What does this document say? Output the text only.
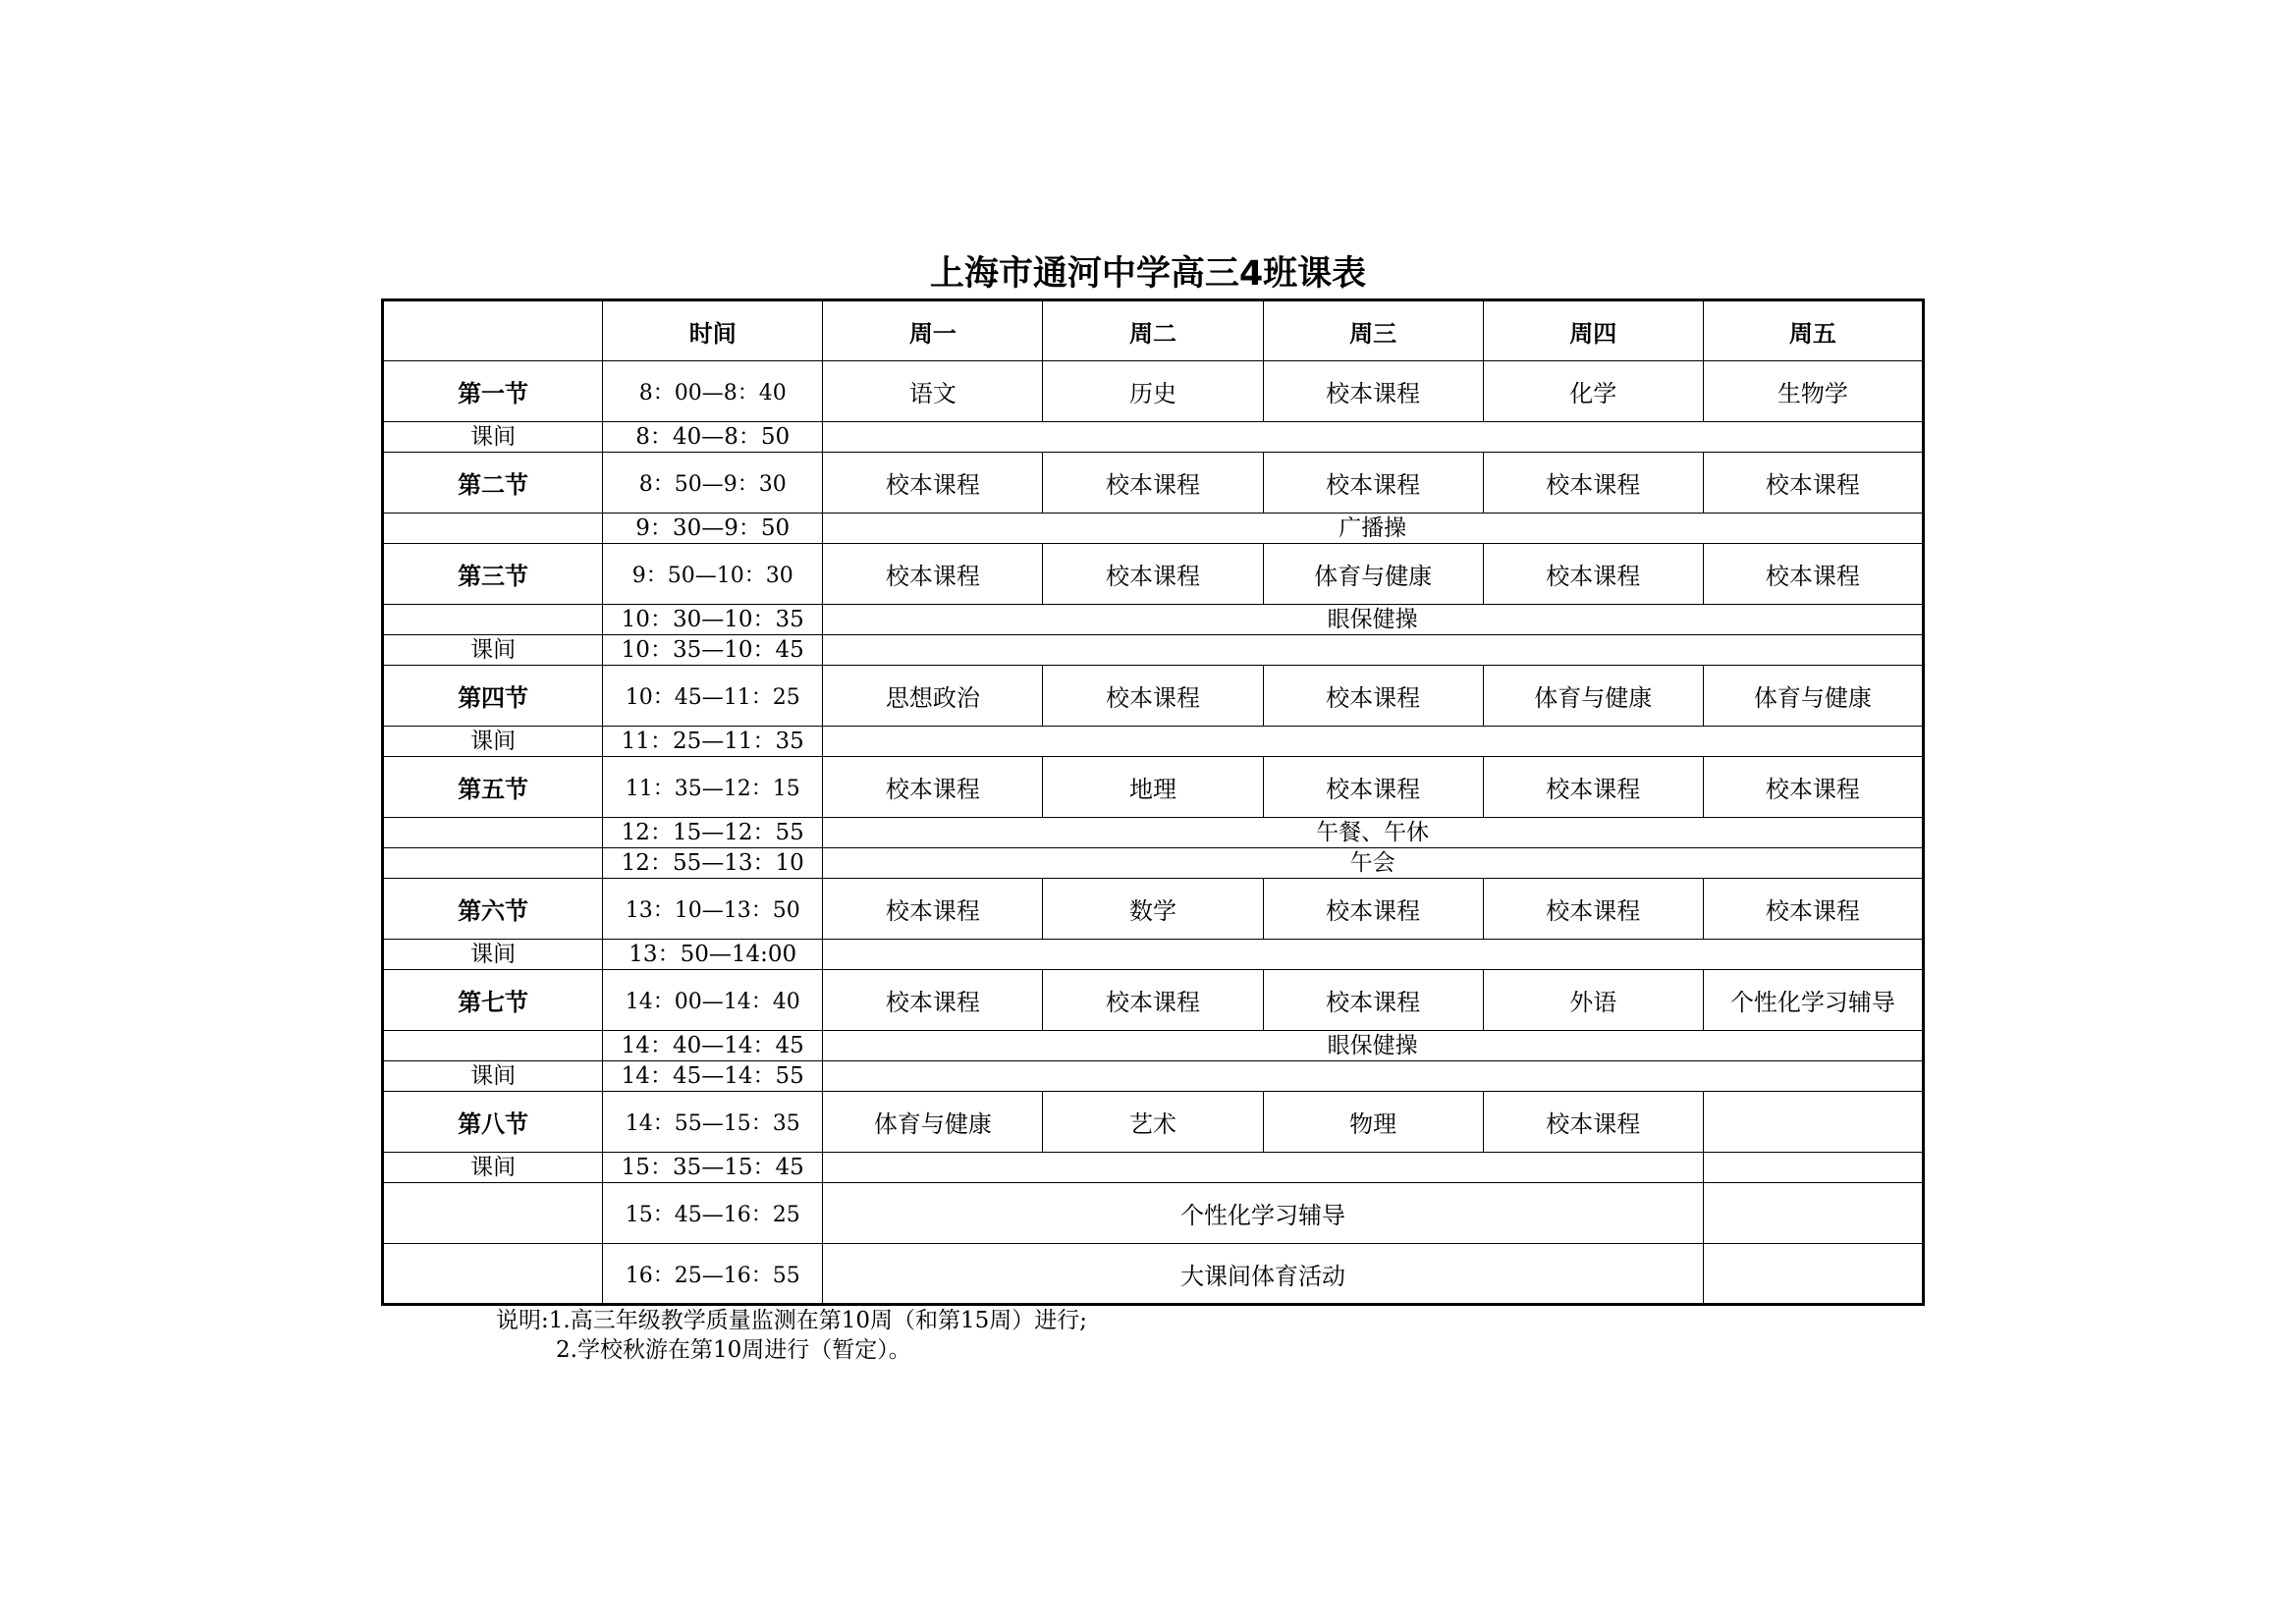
上海市通河中学高三4班课表
	时间	周一	周二	周三	周四	周五
第一节	8：00—8：40	语文	历史	校本课程	化学	生物学
课间	8：40—8：50					
第二节	8：50—9：30	校本课程	校本课程	校本课程	校本课程	校本课程
	9：30—9：50	广播操				
第三节	9：50—10：30	校本课程	校本课程	体育与健康	校本课程	校本课程
	10：30—10：35	眼保健操				
课间	10：35—10：45					
第四节	10：45—11：25	思想政治	校本课程	校本课程	体育与健康	体育与健康
课间	11：25—11：35					
第五节	11：35—12：15	校本课程	地理	校本课程	校本课程	校本课程
	12：15—12：55	午餐、午休				
	12：55—13：10	午会				
第六节	13：10—13：50	校本课程	数学	校本课程	校本课程	校本课程
课间	13：50—14:00					
第七节	14：00—14：40	校本课程	校本课程	校本课程	外语	个性化学习辅导
	14：40—14：45	眼保健操				
课间	14：45—14：55					
第八节	14：55—15：35	体育与健康	艺术	物理	校本课程	
课间	15：35—15：45					
	15：45—16：25	个性化学习辅导				
	16：25—16：55	大课间体育活动				
说明:1.高三年级教学质量监测在第10周（和第15周）进行;
2.学校秋游在第10周进行（暂定）。
